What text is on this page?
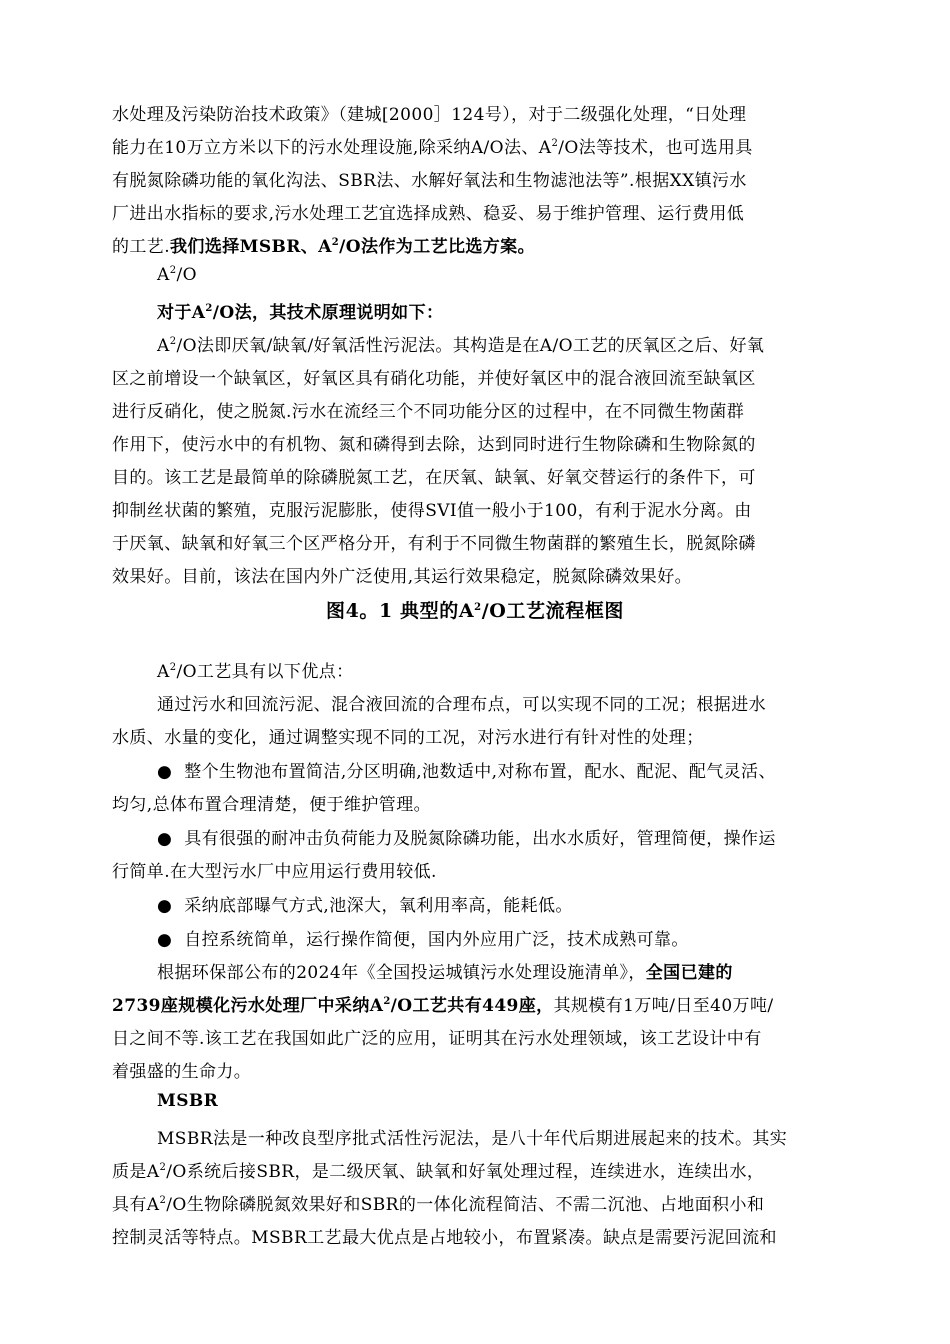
水处理及污染防治技术政策》（建城[2000］124号），对于二级强化处理，“日处理
能力在10万立方米以下的污水处理设施,除采纳A/O法、$A^2/O$法等技术，也可选用具
有脱氮除磷功能的氧化沟法、SBR法、水解好氧法和生物滤池法等”.根据XX镇污水
厂进出水指标的要求,污水处理工艺宜选择成熟、稳妥、易于维护管理、运行费用低
的工艺.我们选择MSBR、$A^2/O$法作为工艺比选方案。
$A^2/O$
对于$A^2/O$法，其技术原理说明如下：
$A^2/O$法即厌氧/缺氧/好氧活性污泥法。其构造是在A/O工艺的厌氧区之后、好氧
区之前增设一个缺氧区，好氧区具有硝化功能，并使好氧区中的混合液回流至缺氧区
进行反硝化，使之脱氮.污水在流经三个不同功能分区的过程中，在不同微生物菌群
作用下，使污水中的有机物、氮和磷得到去除，达到同时进行生物除磷和生物除氮的
目的。该工艺是最简单的除磷脱氮工艺，在厌氧、缺氧、好氧交替运行的条件下，可
抑制丝状菌的繁殖，克服污泥膨胀，使得SVI值一般小于100，有利于泥水分离。由
于厌氧、缺氧和好氧三个区严格分开，有利于不同微生物菌群的繁殖生长，脱氮除磷
效果好。目前，该法在国内外广泛使用,其运行效果稳定，脱氮除磷效果好。
图4。1 典型的$A^2/O$工艺流程框图
$A^2/O$工艺具有以下优点：
通过污水和回流污泥、混合液回流的合理布点，可以实现不同的工况；根据进水
水质、水量的变化，通过调整实现不同的工况，对污水进行有针对性的处理；
● 整个生物池布置简洁,分区明确,池数适中,对称布置，配水、配泥、配气灵活、
均匀,总体布置合理清楚，便于维护管理。
● 具有很强的耐冲击负荷能力及脱氮除磷功能，出水水质好，管理简便，操作运
行简单.在大型污水厂中应用运行费用较低.
● 采纳底部曝气方式,池深大，氧利用率高，能耗低。
● 自控系统简单，运行操作简便，国内外应用广泛，技术成熟可靠。
根据环保部公布的2024年《全国投运城镇污水处理设施清单》，全国已建的
2739座规模化污水处理厂中采纳$A^2/O$工艺共有449座，其规模有1万吨/日至40万吨/
日之间不等.该工艺在我国如此广泛的应用，证明其在污水处理领域，该工艺设计中有
着强盛的生命力。
MSBR
MSBR法是一种改良型序批式活性污泥法，是八十年代后期进展起来的技术。其实
质是$A^2/O$系统后接SBR，是二级厌氧、缺氧和好氧处理过程，连续进水，连续出水，
具有$A^2/O$生物除磷脱氮效果好和SBR的一体化流程简洁、不需二沉池、占地面积小和
控制灵活等特点。MSBR工艺最大优点是占地较小，布置紧凑。缺点是需要污泥回流和
